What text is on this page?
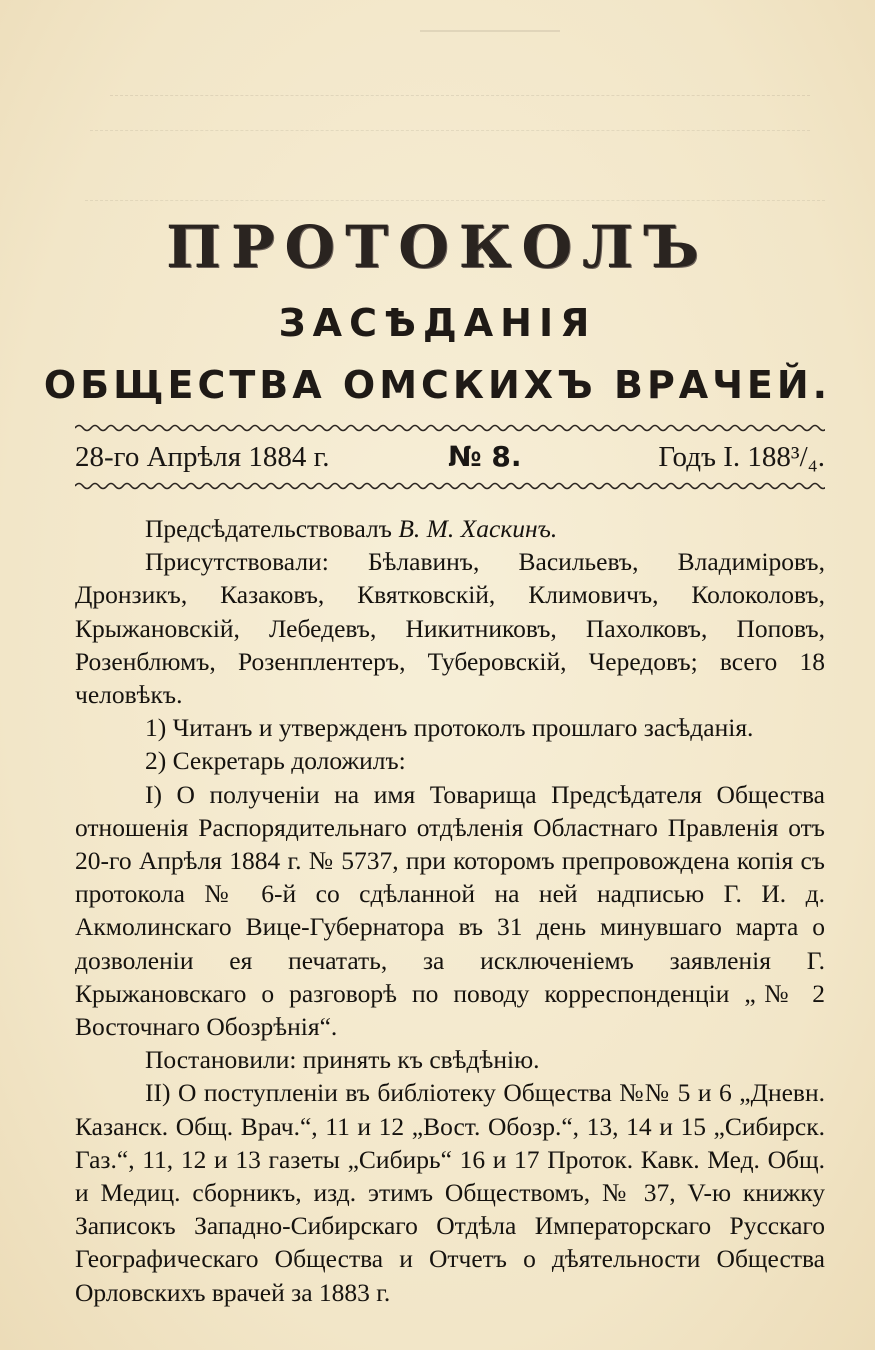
ПРОТОКОЛЪ
ЗАСѢДАНІЯ
ОБЩЕСТВА ОМСКИХЪ ВРАЧЕЙ.
28-го Апрѣля 1884 г.	№ 8.	Годъ I. 188³/₄.

Предсѣдательствовалъ В. М. Хаскинъ.

Присутствовали: Бѣлавинъ, Васильевъ, Владиміровъ, Дронзикъ, Казаковъ, Квятковскій, Климовичъ, Колоколовъ, Крыжановскій, Лебедевъ, Никитниковъ, Пахолковъ, Поповъ, Розенблюмъ, Розенплентеръ, Туберовскій, Чередовъ; всего 18 человѣкъ.

1) Читанъ и утвержденъ протоколъ прошлаго засѣданія.

2) Секретарь доложилъ:

I) О полученіи на имя Товарища Предсѣдателя Общества отношенія Распорядительнаго отдѣленія Областнаго Правленія отъ 20-го Апрѣля 1884 г. № 5737, при которомъ препровождена копія съ протокола № 6-й со сдѣланной на ней надписью Г. И. д. Акмолинскаго Вице-Губернатора въ 31 день минувшаго марта о дозволеніи ея печатать, за исключеніемъ заявленія Г. Крыжановскаго о разговорѣ по поводу корреспонденціи „№ 2 Восточнаго Обозрѣнія“.

Постановили: принять къ свѣдѣнію.

II) О поступленіи въ библіотеку Общества №№ 5 и 6 „Дневн. Казанск. Общ. Врач.“, 11 и 12 „Вост. Обозр.“, 13, 14 и 15 „Сибирск. Газ.“, 11, 12 и 13 газеты „Сибирь“ 16 и 17 Проток. Кавк. Мед. Общ. и Медиц. сборникъ, изд. этимъ Обществомъ, № 37, V-ю книжку Записокъ Западно-Сибирскаго Отдѣла Императорскаго Русскаго Географическаго Общества и Отчетъ о дѣятельности Общества Орловскихъ врачей за 1883 г.
